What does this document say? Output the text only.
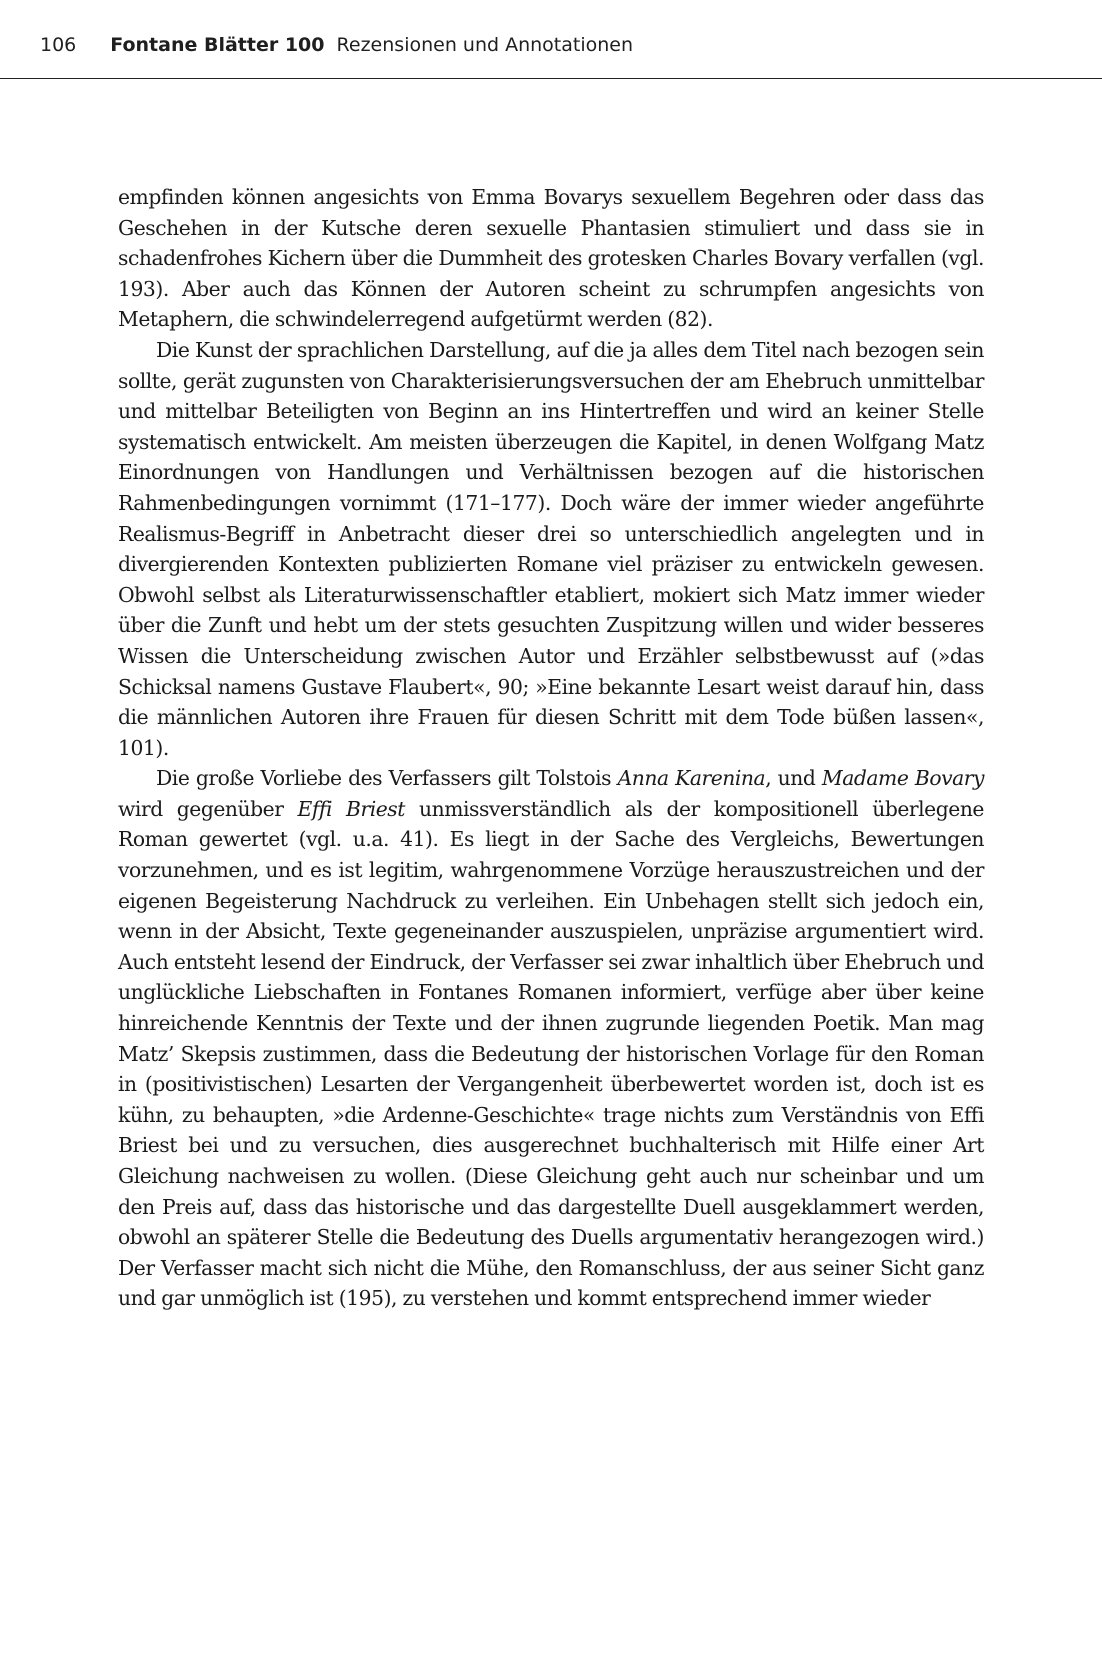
106 Fontane Blätter 100 Rezensionen und Annotationen

empfinden können angesichts von Emma Bovarys sexuellem Begehren oder dass das Geschehen in der Kutsche deren sexuelle Phantasien stimuliert und dass sie in schadenfrohes Kichern über die Dummheit des grotesken Charles Bovary verfallen (vgl. 193). Aber auch das Können der Autoren scheint zu schrumpfen angesichts von Metaphern, die schwindelerregend aufgetürmt werden (82).

Die Kunst der sprachlichen Darstellung, auf die ja alles dem Titel nach bezogen sein sollte, gerät zugunsten von Charakterisierungsversuchen der am Ehebruch unmittelbar und mittelbar Beteiligten von Beginn an ins Hintertreffen und wird an keiner Stelle systematisch entwickelt. Am meisten überzeugen die Kapitel, in denen Wolfgang Matz Einordnungen von Handlungen und Verhältnissen bezogen auf die historischen Rahmenbedingungen vornimmt (171–177). Doch wäre der immer wieder angeführte Realismus-Begriff in Anbetracht dieser drei so unterschiedlich angelegten und in divergierenden Kontexten publizierten Romane viel präziser zu entwickeln gewesen. Obwohl selbst als Literaturwissenschaftler etabliert, mokiert sich Matz immer wieder über die Zunft und hebt um der stets gesuchten Zuspitzung willen und wider besseres Wissen die Unterscheidung zwischen Autor und Erzähler selbstbewusst auf (»das Schicksal namens Gustave Flaubert«, 90; »Eine bekannte Lesart weist darauf hin, dass die männlichen Autoren ihre Frauen für diesen Schritt mit dem Tode büßen lassen«, 101).

Die große Vorliebe des Verfassers gilt Tolstois Anna Karenina, und Madame Bovary wird gegenüber Effi Briest unmissverständlich als der kompositionell überlegene Roman gewertet (vgl. u.a. 41). Es liegt in der Sache des Vergleichs, Bewertungen vorzunehmen, und es ist legitim, wahrgenommene Vorzüge herauszustreichen und der eigenen Begeisterung Nachdruck zu verleihen. Ein Unbehagen stellt sich jedoch ein, wenn in der Absicht, Texte gegeneinander auszuspielen, unpräzise argumentiert wird. Auch entsteht lesend der Eindruck, der Verfasser sei zwar inhaltlich über Ehebruch und unglückliche Liebschaften in Fontanes Romanen informiert, verfüge aber über keine hinreichende Kenntnis der Texte und der ihnen zugrunde liegenden Poetik. Man mag Matz’ Skepsis zustimmen, dass die Bedeutung der historischen Vorlage für den Roman in (positivistischen) Lesarten der Vergangenheit überbewertet worden ist, doch ist es kühn, zu behaupten, »die Ardenne-Geschichte« trage nichts zum Verständnis von Effi Briest bei und zu versuchen, dies ausgerechnet buchhalterisch mit Hilfe einer Art Gleichung nachweisen zu wollen. (Diese Gleichung geht auch nur scheinbar und um den Preis auf, dass das historische und das dargestellte Duell ausgeklammert werden, obwohl an späterer Stelle die Bedeutung des Duells argumentativ herangezogen wird.) Der Verfasser macht sich nicht die Mühe, den Romanschluss, der aus seiner Sicht ganz und gar unmöglich ist (195), zu verstehen und kommt entsprechend immer wieder
